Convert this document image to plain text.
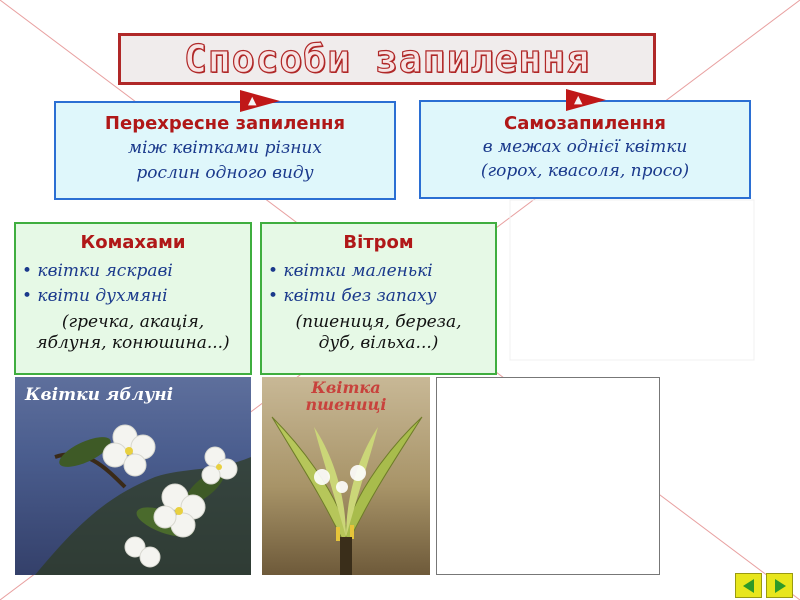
Способи запилення
Перехресне запилення
між квітками різних
рослин одного виду
Самозапилення
в межах однієї квітки
(горох, квасоля, просо)
▲	▲
Комахами
• квітки яскраві
• квіти духмяні
(гречка, акація,
яблуня, конюшина...)
Вітром
• квітки маленькі
• квіти без запаху
(пшениця, береза,
дуб, вільха...)
Квітки яблуні	Квітка
пшениці
